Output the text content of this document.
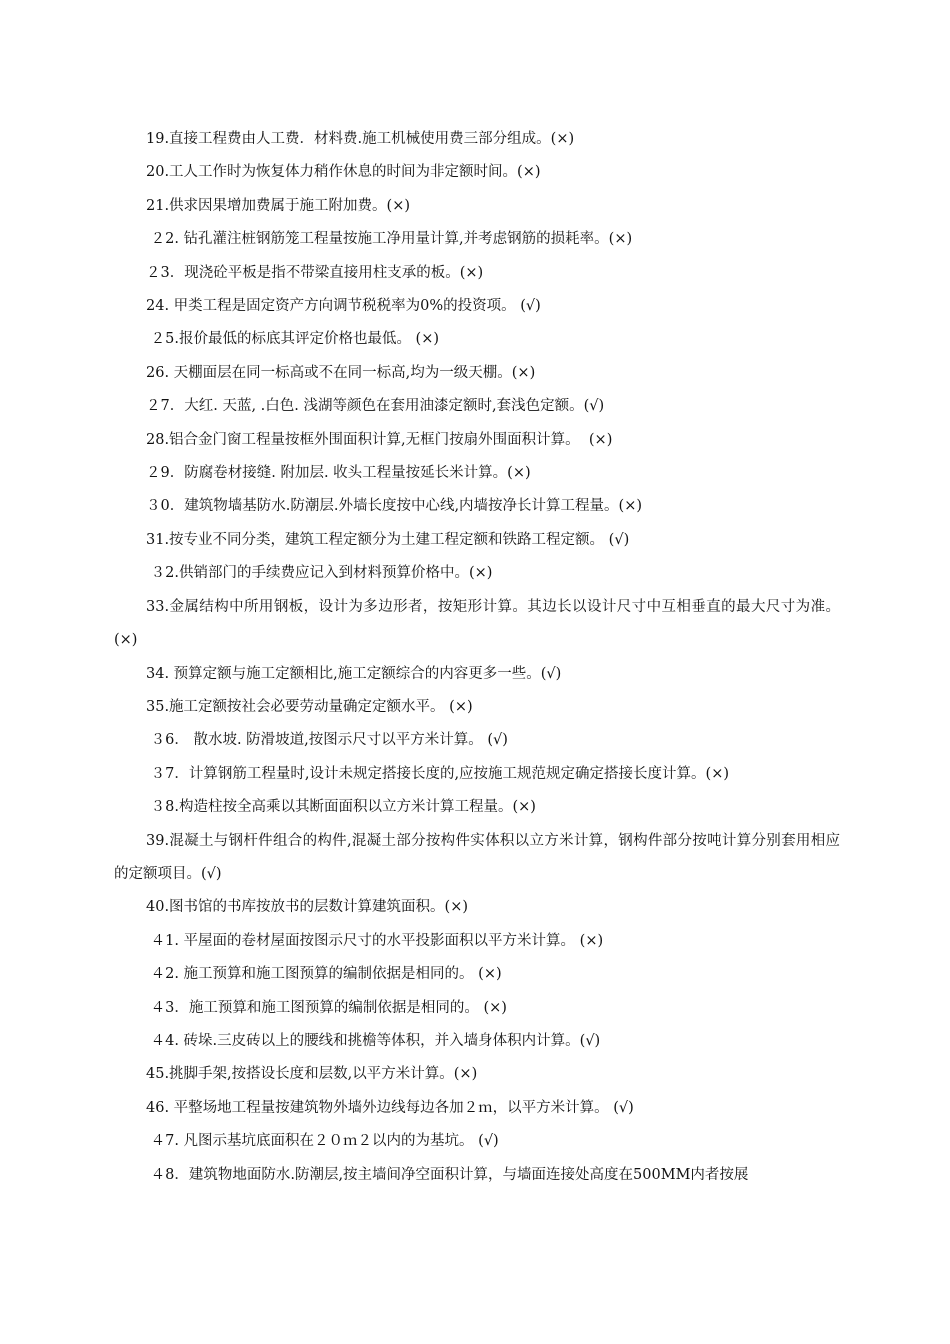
19.直接工程费由人工费．材料费.施工机械使用费三部分组成。(×)

20.工人工作时为恢复体力稍作休息的时间为非定额时间。(×)

21.供求因果增加费属于施工附加费。(×)

２2. 钻孔灌注桩钢筋笼工程量按施工净用量计算,并考虑钢筋的损耗率。(×)

２3．现浇砼平板是指不带梁直接用柱支承的板。(×)

24. 甲类工程是固定资产方向调节税税率为0%的投资项。 (√)

２5.报价最低的标底其评定价格也最低。 (×)

26. 天棚面层在同一标高或不在同一标高,均为一级天棚。(×)

２7．大红. 天蓝, .白色. 浅湖等颜色在套用油漆定额时,套浅色定额。(√)

28.铝合金门窗工程量按框外围面积计算,无框门按扇外围面积计算。  (×)

２9．防腐卷材接缝. 附加层. 收头工程量按延长米计算。(×)

３0．建筑物墙基防水.防潮层.外墙长度按中心线,内墙按净长计算工程量。(×)

31.按专业不同分类，建筑工程定额分为土建工程定额和铁路工程定额。 (√)

３2.供销部门的手续费应记入到材料预算价格中。(×)

33.金属结构中所用钢板，设计为多边形者，按矩形计算。其边长以设计尺寸中互相垂直的最大尺寸为准。(×)

34. 预算定额与施工定额相比,施工定额综合的内容更多一些。(√)

35.施工定额按社会必要劳动量确定定额水平。 (×)

３6． 散水坡. 防滑坡道,按图示尺寸以平方米计算。 (√)

３7．计算钢筋工程量时,设计未规定搭接长度的,应按施工规范规定确定搭接长度计算。(×)

３8.构造柱按全高乘以其断面面积以立方米计算工程量。(×)

39.混凝土与钢杆件组合的构件,混凝土部分按构件实体积以立方米计算，钢构件部分按吨计算分别套用相应的定额项目。(√)

40.图书馆的书库按放书的层数计算建筑面积。(×)

４1. 平屋面的卷材屋面按图示尺寸的水平投影面积以平方米计算。 (×)

４2. 施工预算和施工图预算的编制依据是相同的。 (×)

４3．施工预算和施工图预算的编制依据是相同的。 (×)

４4. 砖垛.三皮砖以上的腰线和挑檐等体积，并入墙身体积内计算。(√)

45.挑脚手架,按搭设长度和层数,以平方米计算。(×)

46. 平整场地工程量按建筑物外墙外边线每边各加２ｍ，以平方米计算。 (√)

４7. 凡图示基坑底面积在２０ｍ２以内的为基坑。 (√)

４8．建筑物地面防水.防潮层,按主墙间净空面积计算，与墙面连接处高度在500MM内者按展
